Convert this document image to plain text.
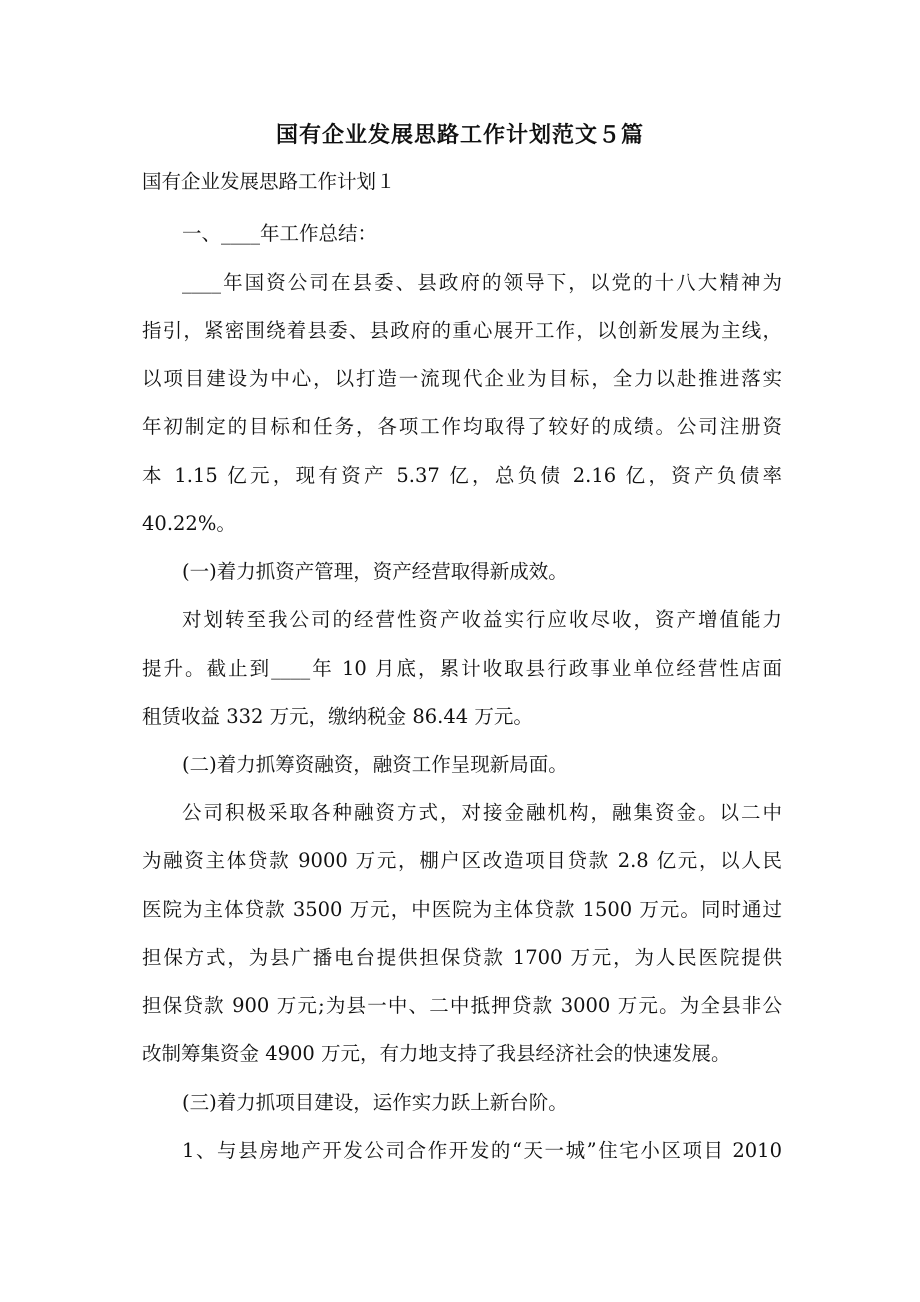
国有企业发展思路工作计划范文５篇
国有企业发展思路工作计划１
一、____年工作总结：
____年国资公司在县委、县政府的领导下，以党的十八大精神为
指引，紧密围绕着县委、县政府的重心展开工作，以创新发展为主线，
以项目建设为中心，以打造一流现代企业为目标，全力以赴推进落实
年初制定的目标和任务，各项工作均取得了较好的成绩。公司注册资
本 1.15 亿元，现有资产 5.37 亿，总负债 2.16 亿，资产负债率
40.22%。
(一)着力抓资产管理，资产经营取得新成效。
对划转至我公司的经营性资产收益实行应收尽收，资产增值能力
提升。截止到____年 10 月底，累计收取县行政事业单位经营性店面
租赁收益 332 万元，缴纳税金 86.44 万元。
(二)着力抓筹资融资，融资工作呈现新局面。
公司积极采取各种融资方式，对接金融机构，融集资金。以二中
为融资主体贷款 9000 万元，棚户区改造项目贷款 2.8 亿元，以人民
医院为主体贷款 3500 万元，中医院为主体贷款 1500 万元。同时通过
担保方式，为县广播电台提供担保贷款 1700 万元，为人民医院提供
担保贷款 900 万元;为县一中、二中抵押贷款 3000 万元。为全县非公
改制筹集资金 4900 万元，有力地支持了我县经济社会的快速发展。
(三)着力抓项目建设，运作实力跃上新台阶。
1、与县房地产开发公司合作开发的“天一城”住宅小区项目 2010
